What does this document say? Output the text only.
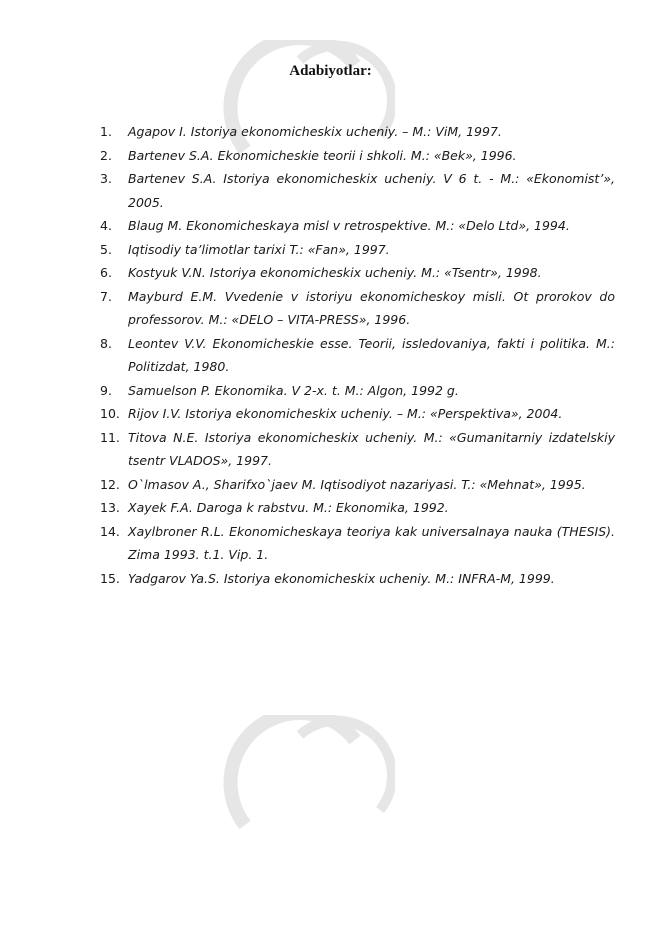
Adabiyotlar:
1. Agapov I. Istoriya ekonomicheskix ucheniy. – M.: ViM, 1997.
2. Bartenev S.A. Ekonomicheskie teorii i shkoli. M.: «Bek», 1996.
3. Bartenev S.A. Istoriya ekonomicheskix ucheniy. V 6 t. - M.: «Ekonomist’», 2005.
4. Blaug M. Ekonomicheskaya misl v retrospektive. M.: «Delo Ltd», 1994.
5. Iqtisodiy ta’limotlar tarixi T.: «Fan», 1997.
6. Kostyuk V.N. Istoriya ekonomicheskix ucheniy. M.: «Tsentr», 1998.
7. Mayburd E.M. Vvedenie v istoriyu ekonomicheskoy misli. Ot prorokov do professorov. M.: «DELO – VITA-PRESS», 1996.
8. Leontev V.V. Ekonomicheskie esse. Teorii, issledovaniya, fakti i politika. M.: Politizdat, 1980.
9. Samuelson P. Ekonomika. V 2-x. t. M.: Algon, 1992 g.
10. Rijov I.V. Istoriya ekonomicheskix ucheniy. – M.: «Perspektiva», 2004.
11. Titova N.E. Istoriya ekonomicheskix ucheniy. M.: «Gumanitarniy izdatelskiy tsentr VLADOS», 1997.
12. O`lmasov A., Sharifxo`jaev M. Iqtisodiyot nazariyasi. T.: «Mehnat», 1995.
13. Xayek F.A. Daroga k rabstvu. M.: Ekonomika, 1992.
14. Xaylbroner R.L. Ekonomicheskaya teoriya kak universalnaya nauka (THESIS). Zima 1993. t.1. Vip. 1.
15. Yadgarov Ya.S. Istoriya ekonomicheskix ucheniy. M.: INFRA-M, 1999.
